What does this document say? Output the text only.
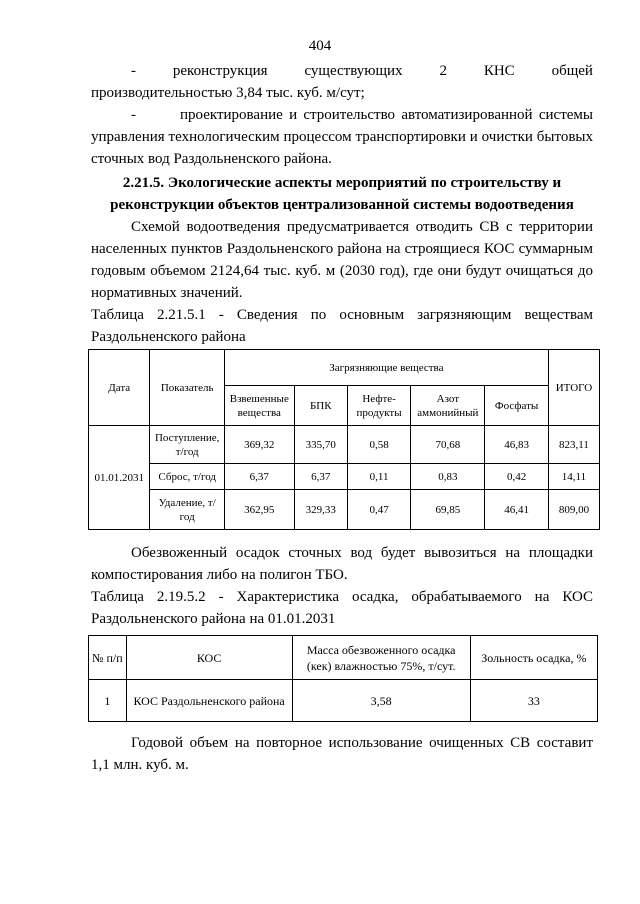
404
- реконструкция существующих 2 КНС общей
производительностью 3,84 тыс. куб. м/сут;

-       проектирование и строительство автоматизированной системы управления технологическим процессом транспортировки и очистки бытовых сточных вод Раздольненского района.

2.21.5. Экологические аспекты мероприятий по строительству и реконструкции объектов централизованной системы водоотведения

Схемой водоотведения предусматривается отводить СВ с территории населенных пунктов Раздольненского района на строящиеся КОС суммарным годовым объемом 2124,64 тыс. куб. м (2030 год), где они будут очищаться до нормативных значений.

Таблица 2.21.5.1 - Сведения по основным загрязняющим веществам Раздольненского района

Дата	Показатель	Загрязняющие вещества					ИТОГО
		Взвешенные вещества	БПК	Нефте-продукты	Азот аммонийный	Фосфаты	
01.01.2031	Поступление, т/год	369,32	335,70	0,58	70,68	46,83	823,11
	Сброс, т/год	6,37	6,37	0,11	0,83	0,42	14,11
	Удаление, т/год	362,95	329,33	0,47	69,85	46,41	809,00

Обезвоженный осадок сточных вод будет вывозиться на площадки компостирования либо на полигон ТБО.

Таблица 2.19.5.2 - Характеристика осадка, обрабатываемого на КОС Раздольненского района на 01.01.2031

№ п/п	КОС	Масса обезвоженного осадка (кек) влажностью 75%, т/сут.	Зольность осадка, %
1	КОС Раздольненского района	3,58	33

Годовой объем на повторное использование очищенных СВ составит 1,1 млн. куб. м.
